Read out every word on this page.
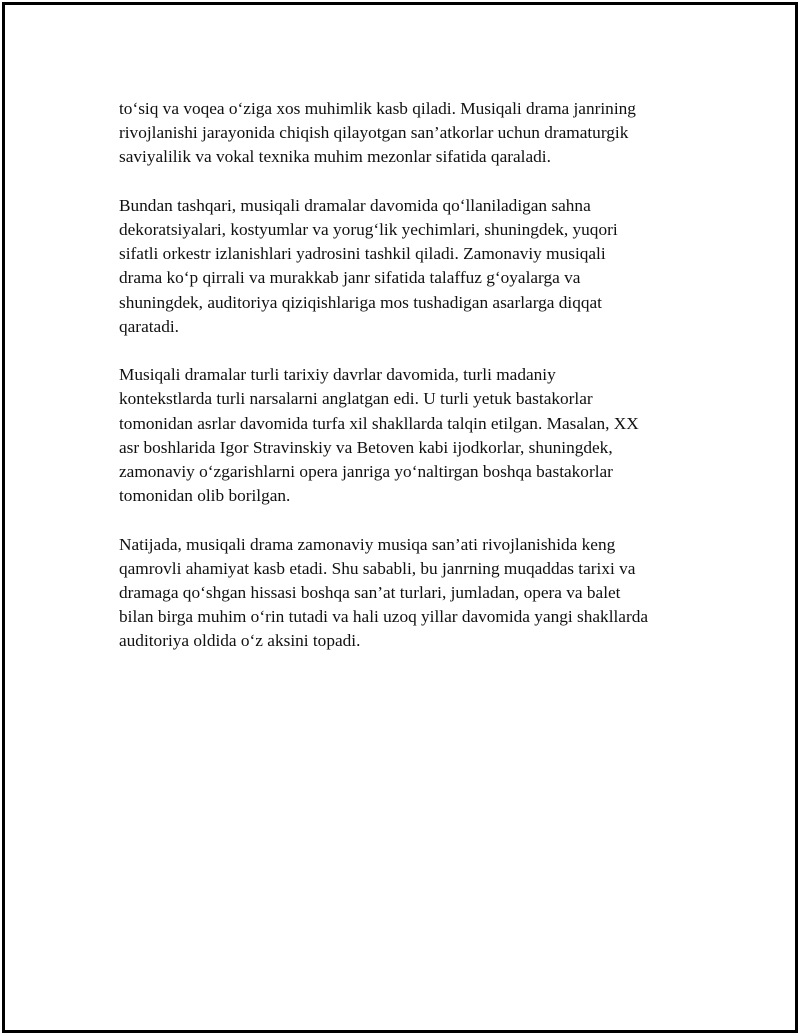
to‘siq va voqea o‘ziga xos muhimlik kasb qiladi. Musiqali drama janrining
rivojlanishi jarayonida chiqish qilayotgan san’atkorlar uchun dramaturgik
saviyalilik va vokal texnika muhim mezonlar sifatida qaraladi.

Bundan tashqari, musiqali dramalar davomida qo‘llaniladigan sahna
dekoratsiyalari, kostyumlar va yorug‘lik yechimlari, shuningdek, yuqori
sifatli orkestr izlanishlari yadrosini tashkil qiladi. Zamonaviy musiqali
drama ko‘p qirrali va murakkab janr sifatida talaffuz g‘oyalarga va
shuningdek, auditoriya qiziqishlariga mos tushadigan asarlarga diqqat
qaratadi.

Musiqali dramalar turli tarixiy davrlar davomida, turli madaniy
kontekstlarda turli narsalarni anglatgan edi. U turli yetuk bastakorlar
tomonidan asrlar davomida turfa xil shakllarda talqin etilgan. Masalan, XX
asr boshlarida Igor Stravinskiy va Betoven kabi ijodkorlar, shuningdek,
zamonaviy o‘zgarishlarni opera janriga yo‘naltirgan boshqa bastakorlar
tomonidan olib borilgan.

Natijada, musiqali drama zamonaviy musiqa san’ati rivojlanishida keng
qamrovli ahamiyat kasb etadi. Shu sababli, bu janrning muqaddas tarixi va
dramaga qo‘shgan hissasi boshqa san’at turlari, jumladan, opera va balet
bilan birga muhim o‘rin tutadi va hali uzoq yillar davomida yangi shakllarda
auditoriya oldida o‘z aksini topadi.
